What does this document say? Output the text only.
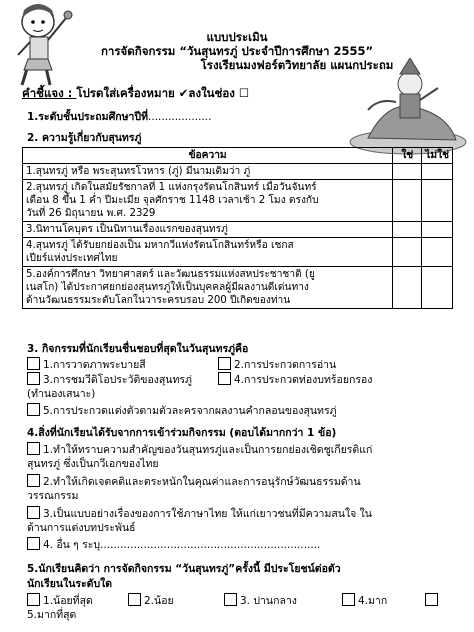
แบบประเมิน
การจัดกิจกรรม “วันสุนทรภู่ ประจำปีการศึกษา 2555”
โรงเรียนมงฟอร์ตวิทยาลัย แผนกประถม
คำชี้แจง : โปรดใส่เครื่องหมาย ✔ลงในช่อง ☐
1.ระดับชั้นประถมศึกษาปีที่...................
2. ความรู้เกี่ยวกับสุนทรภู่
ข้อความ	ใช่	ไม่ใช่

1.สุนทรภู่ หรือ พระสุนทรโวหาร (ภู่) มีนามเดิมว่า ภู่		

2.สุนทรภู่ เกิดในสมัยรัชกาลที่ 1 แห่งกรุงรัตนโกสินทร์ เมื่อวันจันทร์
เดือน 8 ขึ้น 1 ค่ำ ปีมะเมีย จุลศักราช 1148 เวลาเช้า 2 โมง ตรงกับ
วันที่ 26 มิถุนายน พ.ศ. 2329		

3.นิทานโคบุตร เป็นนิทานเรื่องแรกของสุนทรภู่		

4.สุนทรภู่ ได้รับยกย่องเป็น มหากวีแห่งรัตนโกสินทร์หรือ เชกส
เปียร์แห่งประเทศไทย		

5.องค์การศึกษา วิทยาศาสตร์ และวัฒนธรรมแห่งสหประชาชาติ (ยู
เนสโก) ได้ประกาศยกย่องสุนทรภู่ให้เป็นบุคคลผู้มีผลงานดีเด่นทาง
ด้านวัฒนธรรมระดับโลกในวาระครบรอบ 200 ปีเกิดของท่าน		

3. กิจกรรมที่นักเรียนชื่นชอบที่สุดในวันสุนทรภู่คือ
1.การวาดภาพระบายสี	2.การประกวดการอ่าน
3.การชมวีดิโอประวัติของสุนทรภู่	4.การประกวดท่องบทร้อยกรอง
(ทำนองเสนาะ)
5.การประกวดแต่งตัวตามตัวละครจากผลงานคำกลอนของสุนทรภู่
4.สิ่งที่นักเรียนได้รับจากการเข้าร่วมกิจกรรม (ตอบได้มากกว่า 1 ข้อ)
1.ทำให้ทราบความสำคัญของวันสุนทรภู่และเป็นการยกย่องเชิดชูเกียรติแก่
สุนทรภู่ ซึ่งเป็นกวีเอกของไทย
2.ทำให้เกิดเจตคติและตระหนักในคุณค่าและการอนุรักษ์วัฒนธรรมด้าน
วรรณกรรม
3.เป็นแบบอย่างเรื่องของการใช้ภาษาไทย ให้แก่เยาวชนที่มีความสนใจ ใน
ด้านการแต่งบทประพันธ์
4. อื่น ๆ ระบุ..................................................................
5.นักเรียนคิดว่า การจัดกิจกรรม “วันสุนทรภู่”ครั้งนี้ มีประโยชน์ต่อตัว
นักเรียนในระดับใด
1.น้อยที่สุด	2.น้อย	3. ปานกลาง	4.มาก
5.มากที่สุด
